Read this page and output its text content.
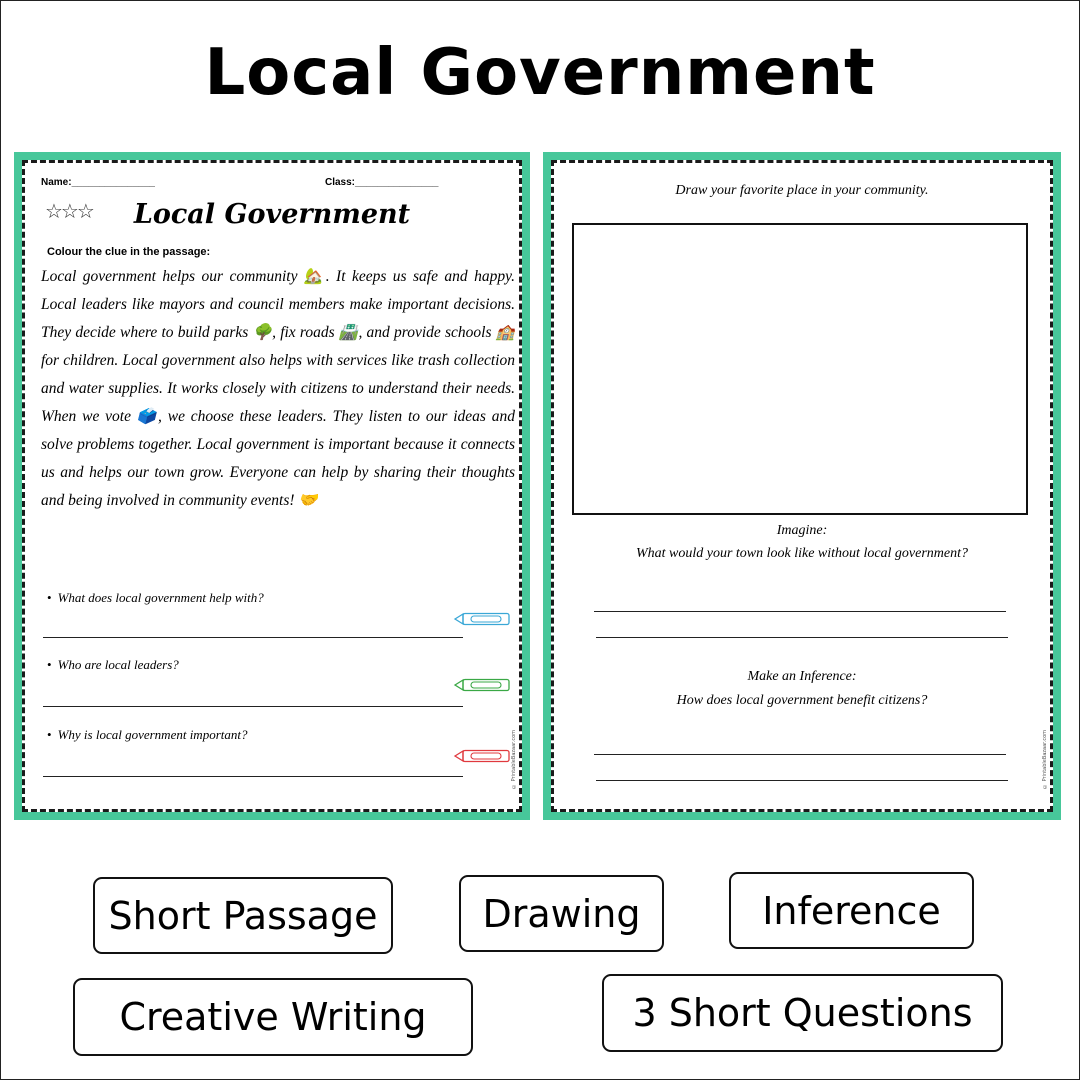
Local Government
Name:_______________	Class:_______________
☆☆☆	Local Government
Colour the clue in the passage:
Local government helps our community 🏡. It keeps us safe and happy. Local leaders like mayors and council members make important decisions. They decide where to build parks 🌳, fix roads 🛣️, and provide schools 🏫 for children. Local government also helps with services like trash collection and water supplies. It works closely with citizens to understand their needs. When we vote 🗳️, we choose these leaders. They listen to our ideas and solve problems together. Local government is important because it connects us and helps our town grow. Everyone can help by sharing their thoughts and being involved in community events! 🤝
• What does local government help with?
• Who are local leaders?
• Why is local government important?	© PrintableBazaar.com
Draw your favorite place in your community.
Imagine:
What would your town look like without local government?
Make an Inference:
How does local government benefit citizens?
© PrintableBazaar.com
Short Passage	Drawing	Inference
Creative Writing	3 Short Questions
